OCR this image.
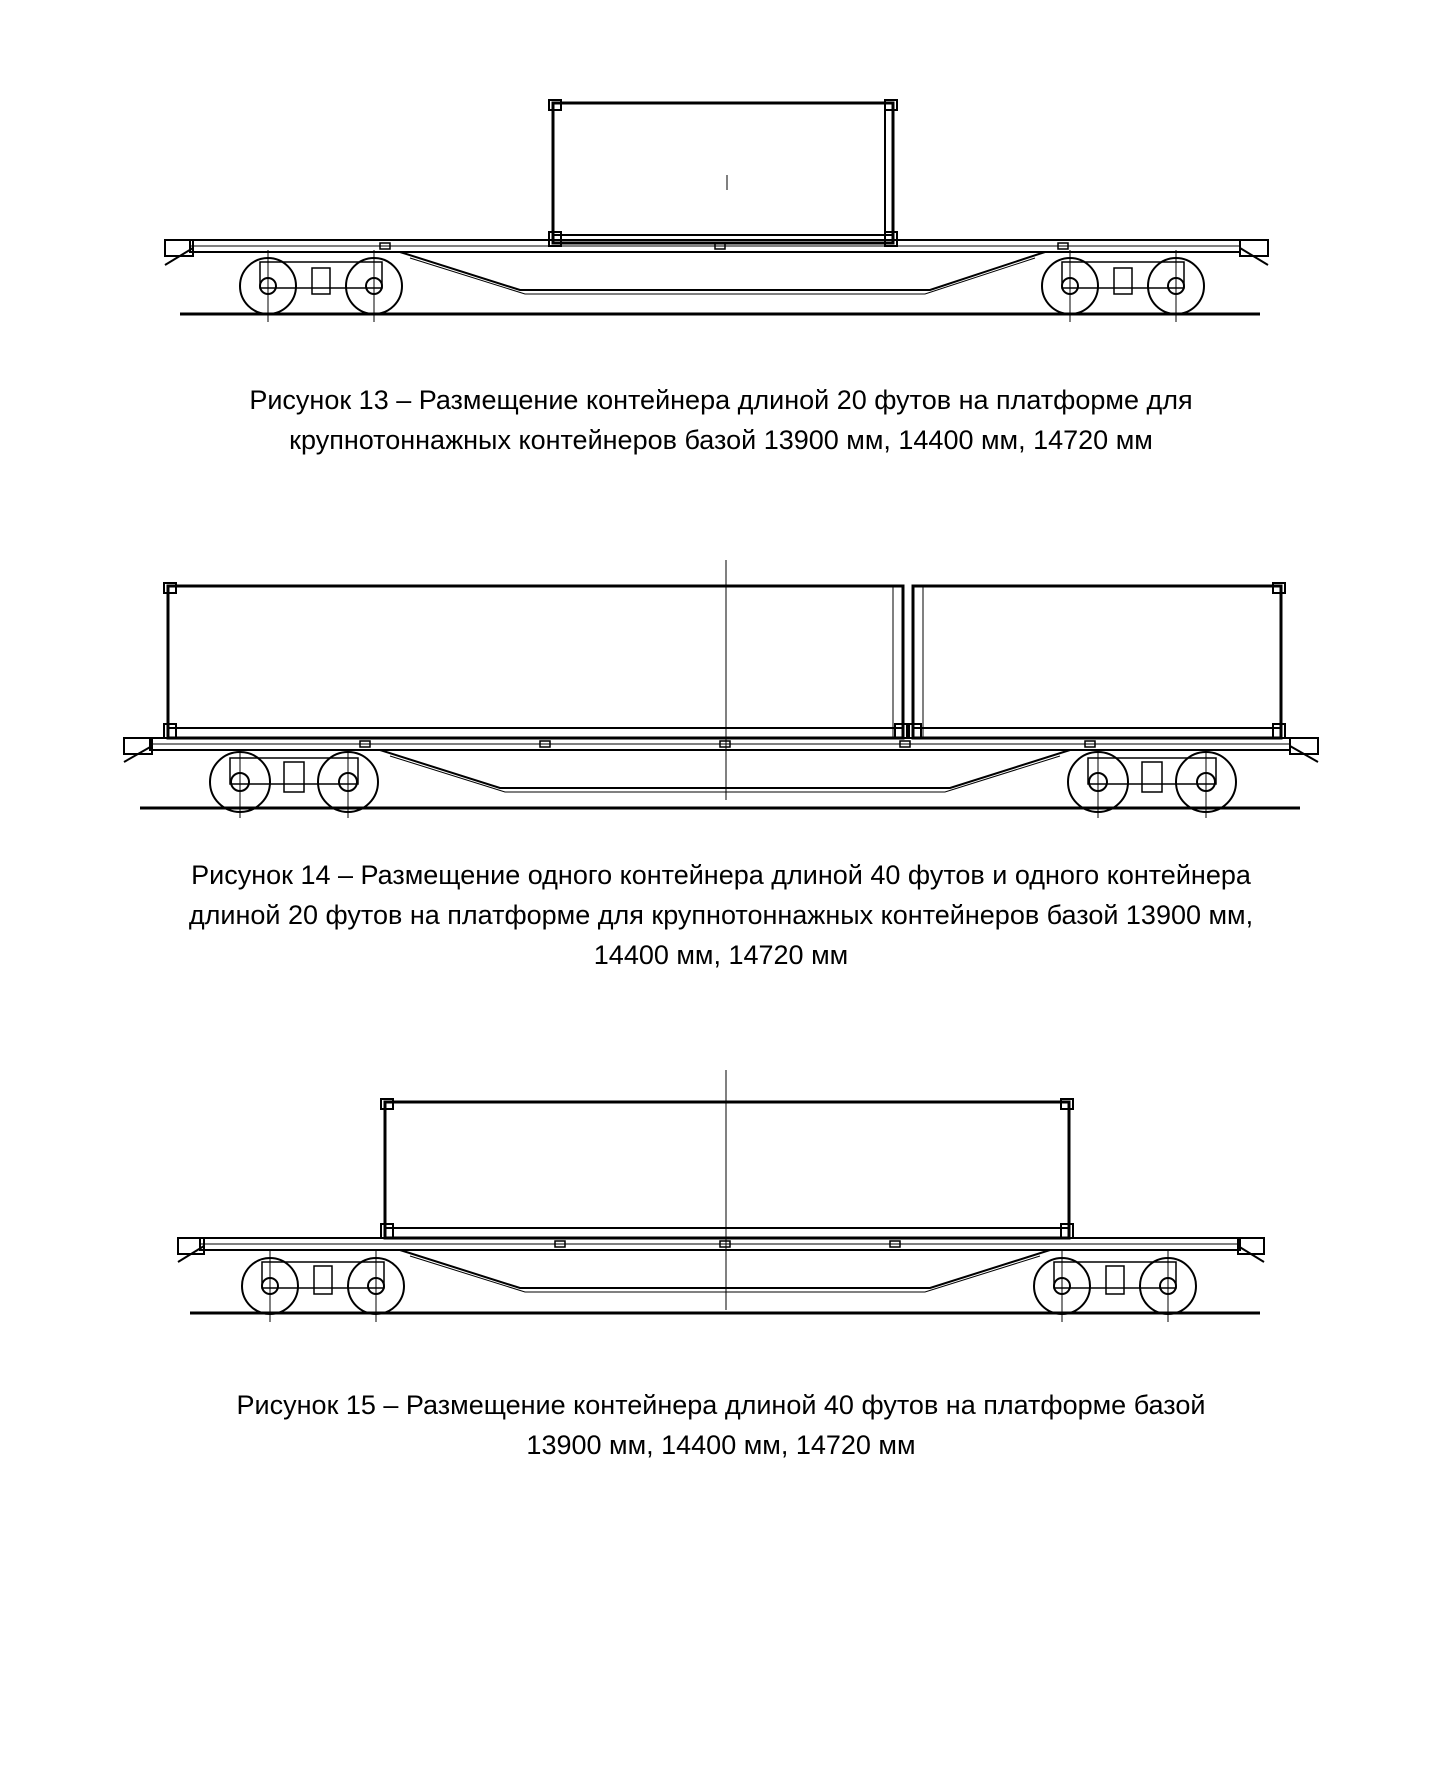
Рисунок 13 – Размещение контейнера длиной 20 футов на платформе для
крупнотоннажных контейнеров базой 13900 мм, 14400 мм, 14720 мм

Рисунок 14 – Размещение одного контейнера длиной 40 футов и одного контейнера
длиной 20 футов на платформе для крупнотоннажных контейнеров базой 13900 мм,
14400 мм, 14720 мм

Рисунок 15 – Размещение контейнера длиной 40 футов на платформе базой
13900 мм, 14400 мм, 14720 мм
